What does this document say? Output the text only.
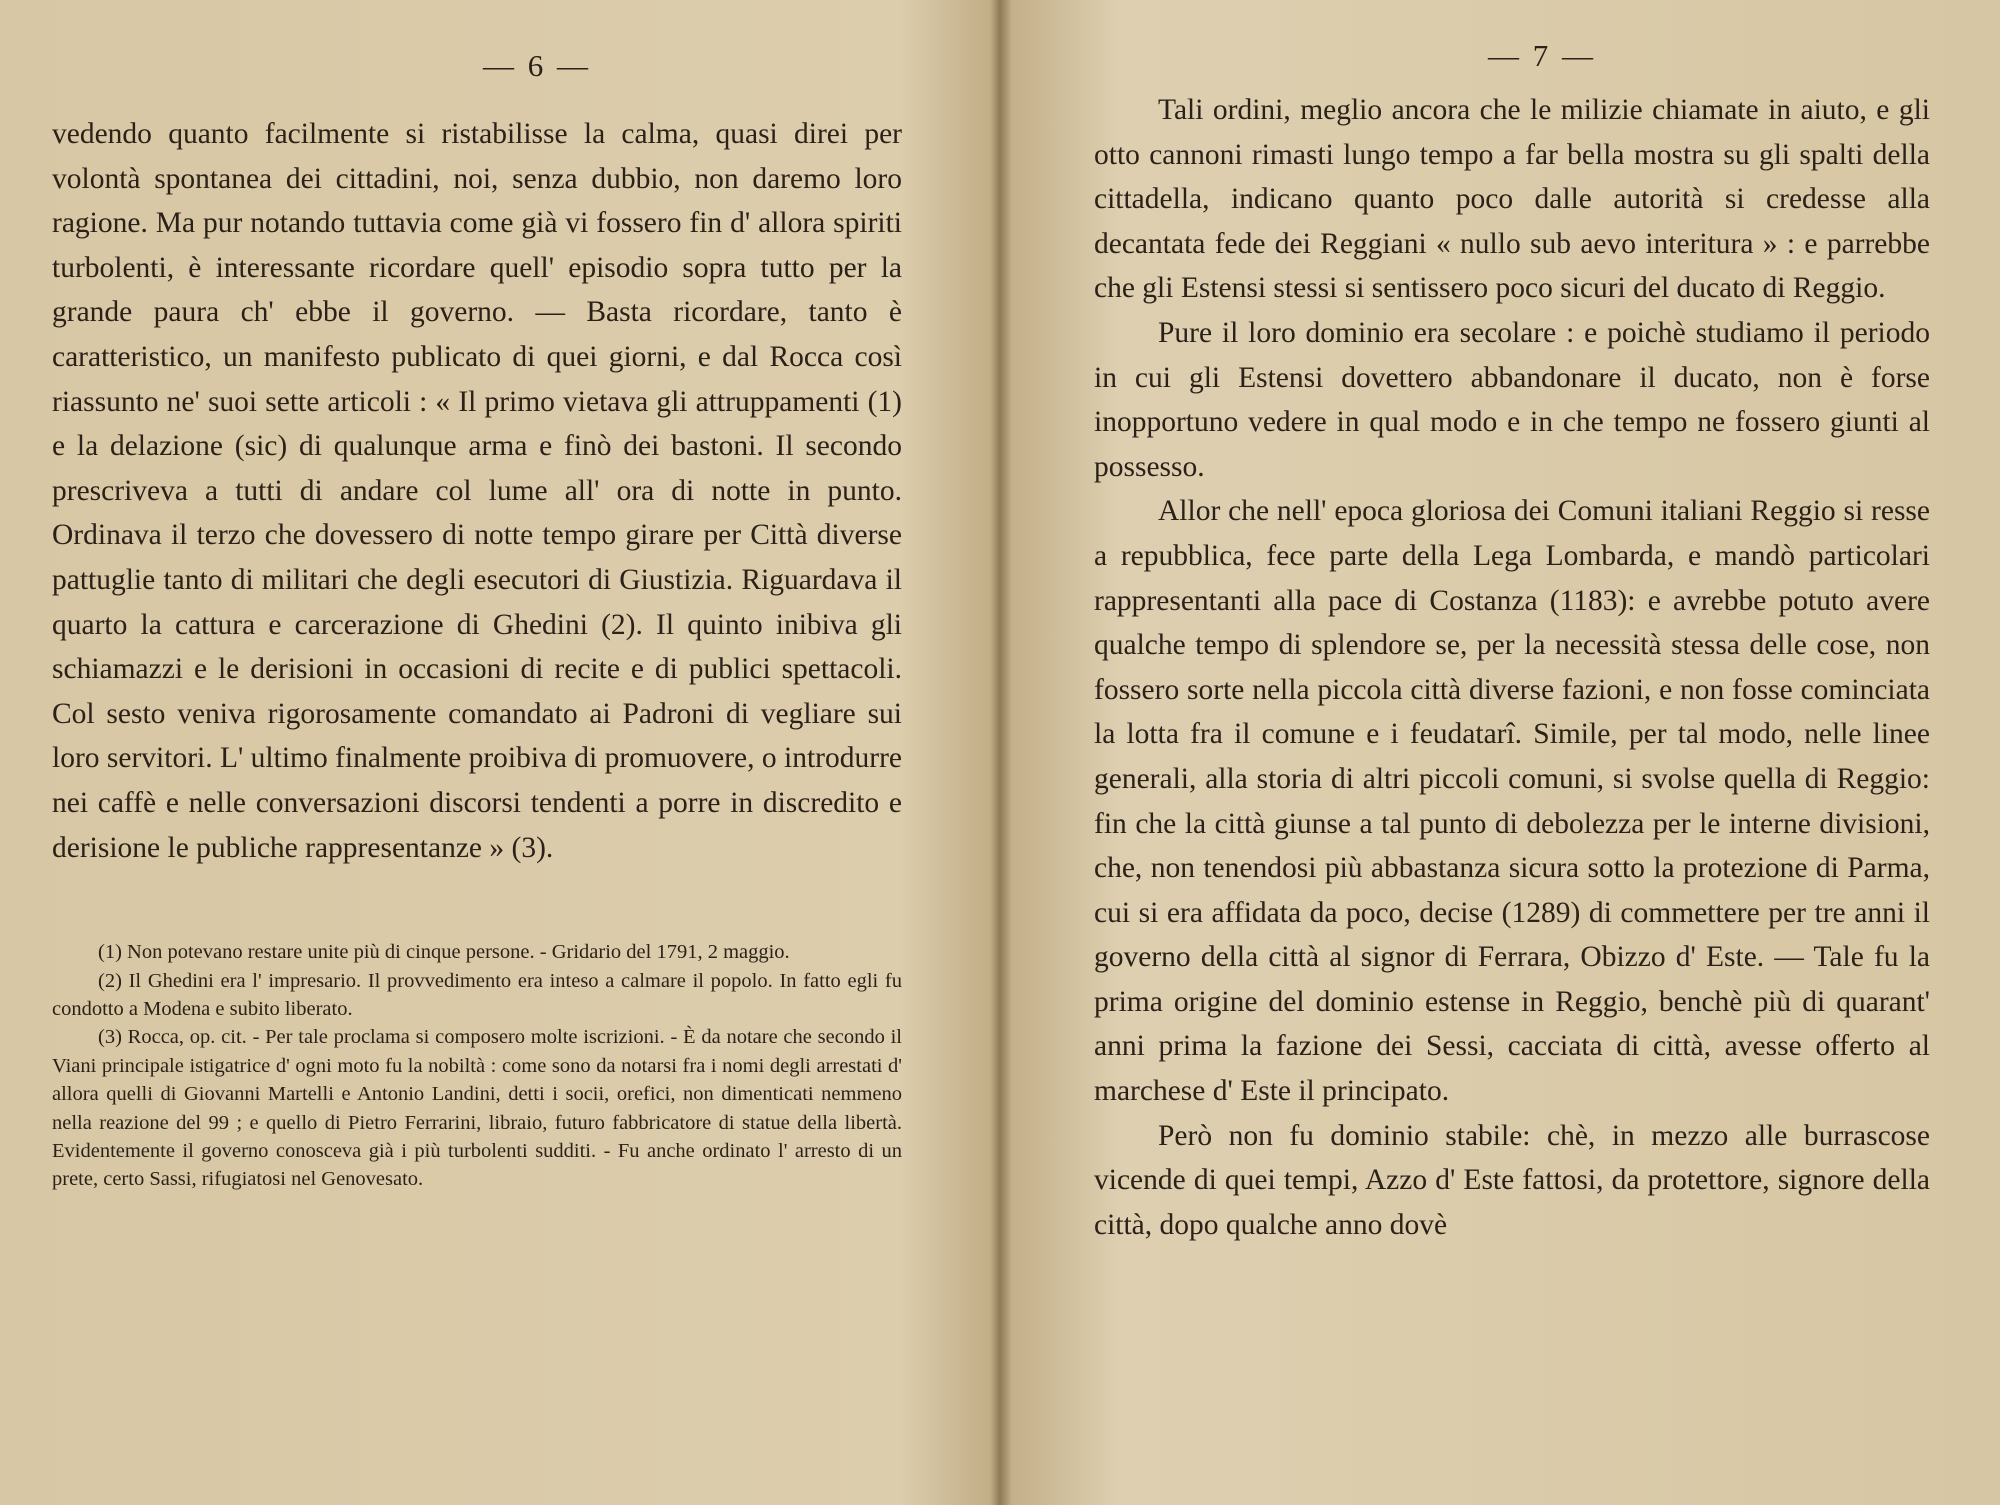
— 6 —

vedendo quanto facilmente si ristabilisse la calma, quasi direi per volontà spontanea dei cittadini, noi, senza dubbio, non daremo loro ragione. Ma pur notando tuttavia come già vi fossero fin d' allora spiriti turbolenti, è interessante ricordare quell' episodio sopra tutto per la grande paura ch' ebbe il governo. — Basta ricordare, tanto è caratteristico, un manifesto publicato di quei giorni, e dal Rocca così riassunto ne' suoi sette articoli : « Il primo vietava gli attruppamenti (1) e la delazione (sic) di qualunque arma e finò dei bastoni. Il secondo prescriveva a tutti di andare col lume all' ora di notte in punto. Ordinava il terzo che dovessero di notte tempo girare per Città diverse pattuglie tanto di militari che degli esecutori di Giustizia. Riguardava il quarto la cattura e carcerazione di Ghedini (2). Il quinto inibiva gli schiamazzi e le derisioni in occasioni di recite e di publici spettacoli. Col sesto veniva rigorosamente comandato ai Padroni di vegliare sui loro servitori. L' ultimo finalmente proibiva di promuovere, o introdurre nei caffè e nelle conversazioni discorsi tendenti a porre in discredito e derisione le publiche rappresentanze » (3).

(1) Non potevano restare unite più di cinque persone. - Gridario del 1791, 2 maggio.

(2) Il Ghedini era l' impresario. Il provvedimento era inteso a calmare il popolo. In fatto egli fu condotto a Modena e subito liberato.

(3) Rocca, op. cit. - Per tale proclama si composero molte iscrizioni. - È da notare che secondo il Viani principale istigatrice d' ogni moto fu la nobiltà : come sono da notarsi fra i nomi degli arrestati d' allora quelli di Giovanni Martelli e Antonio Landini, detti i socii, orefici, non dimenticati nemmeno nella reazione del 99 ; e quello di Pietro Ferrarini, libraio, futuro fabbricatore di statue della libertà. Evidentemente il governo conosceva già i più turbolenti sudditi. - Fu anche ordinato l' arresto di un prete, certo Sassi, rifugiatosi nel Genovesato.

— 7 —

Tali ordini, meglio ancora che le milizie chiamate in aiuto, e gli otto cannoni rimasti lungo tempo a far bella mostra su gli spalti della cittadella, indicano quanto poco dalle autorità si credesse alla decantata fede dei Reggiani « nullo sub aevo interitura » : e parrebbe che gli Estensi stessi si sentissero poco sicuri del ducato di Reggio.

Pure il loro dominio era secolare : e poichè studiamo il periodo in cui gli Estensi dovettero abbandonare il ducato, non è forse inopportuno vedere in qual modo e in che tempo ne fossero giunti al possesso.

Allor che nell' epoca gloriosa dei Comuni italiani Reggio si resse a repubblica, fece parte della Lega Lombarda, e mandò particolari rappresentanti alla pace di Costanza (1183): e avrebbe potuto avere qualche tempo di splendore se, per la necessità stessa delle cose, non fossero sorte nella piccola città diverse fazioni, e non fosse cominciata la lotta fra il comune e i feudatarî. Simile, per tal modo, nelle linee generali, alla storia di altri piccoli comuni, si svolse quella di Reggio: fin che la città giunse a tal punto di debolezza per le interne divisioni, che, non tenendosi più abbastanza sicura sotto la protezione di Parma, cui si era affidata da poco, decise (1289) di commettere per tre anni il governo della città al signor di Ferrara, Obizzo d' Este. — Tale fu la prima origine del dominio estense in Reggio, benchè più di quarant' anni prima la fazione dei Sessi, cacciata di città, avesse offerto al marchese d' Este il principato.

Però non fu dominio stabile: chè, in mezzo alle burrascose vicende di quei tempi, Azzo d' Este fattosi, da protettore, signore della città, dopo qualche anno dovè
